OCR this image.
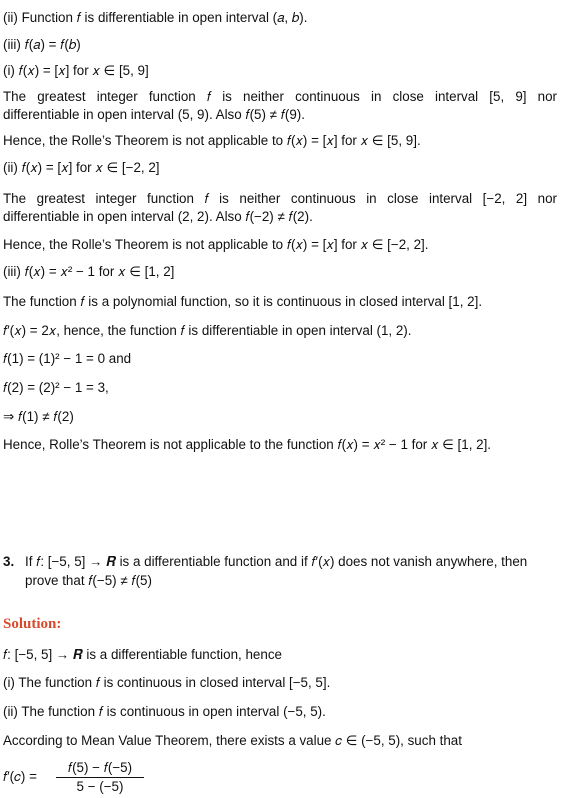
(ii) Function 𝑓 is differentiable in open interval (𝑎, 𝑏).
(iii) 𝑓(𝑎) = 𝑓(𝑏)
(i) 𝑓(𝑥) = [𝑥] for 𝑥 ∈ [5, 9]
The greatest integer function 𝑓 is neither continuous in close interval [5, 9] nor
differentiable in open interval (5, 9). Also 𝑓(5) ≠ 𝑓(9).
Hence, the Rolle’s Theorem is not applicable to 𝑓(𝑥) = [𝑥] for 𝑥 ∈ [5, 9].
(ii) 𝑓(𝑥) = [𝑥] for 𝑥 ∈ [−2, 2]
The greatest integer function 𝑓 is neither continuous in close interval [−2, 2] nor
differentiable in open interval (2, 2). Also 𝑓(−2) ≠ 𝑓(2).
Hence, the Rolle’s Theorem is not applicable to 𝑓(𝑥) = [𝑥] for 𝑥 ∈ [−2, 2].
(iii) 𝑓(𝑥) = 𝑥² − 1 for 𝑥 ∈ [1, 2]
The function 𝑓 is a polynomial function, so it is continuous in closed interval [1, 2].
𝑓′(𝑥) = 2𝑥, hence, the function 𝑓 is differentiable in open interval (1, 2).
𝑓(1) = (1)² − 1 = 0 and
𝑓(2) = (2)² − 1 = 3,
⇒ 𝑓(1) ≠ 𝑓(2)
Hence, Rolle’s Theorem is not applicable to the function 𝑓(𝑥) = 𝑥² − 1 for 𝑥 ∈ [1, 2].
3. If 𝑓: [−5, 5] → 𝑹 is a differentiable function and if 𝑓′(𝑥) does not vanish anywhere, then
prove that 𝑓(−5) ≠ 𝑓(5)
Solution:
𝑓: [−5, 5] → 𝑹 is a differentiable function, hence
(i) The function 𝑓 is continuous in closed interval [−5, 5].
(ii) The function 𝑓 is continuous in open interval (−5, 5).
According to Mean Value Theorem, there exists a value 𝑐 ∈ (−5, 5), such that
𝑓′(𝑐) =
𝑓(5) − 𝑓(−5)
5 − (−5)
